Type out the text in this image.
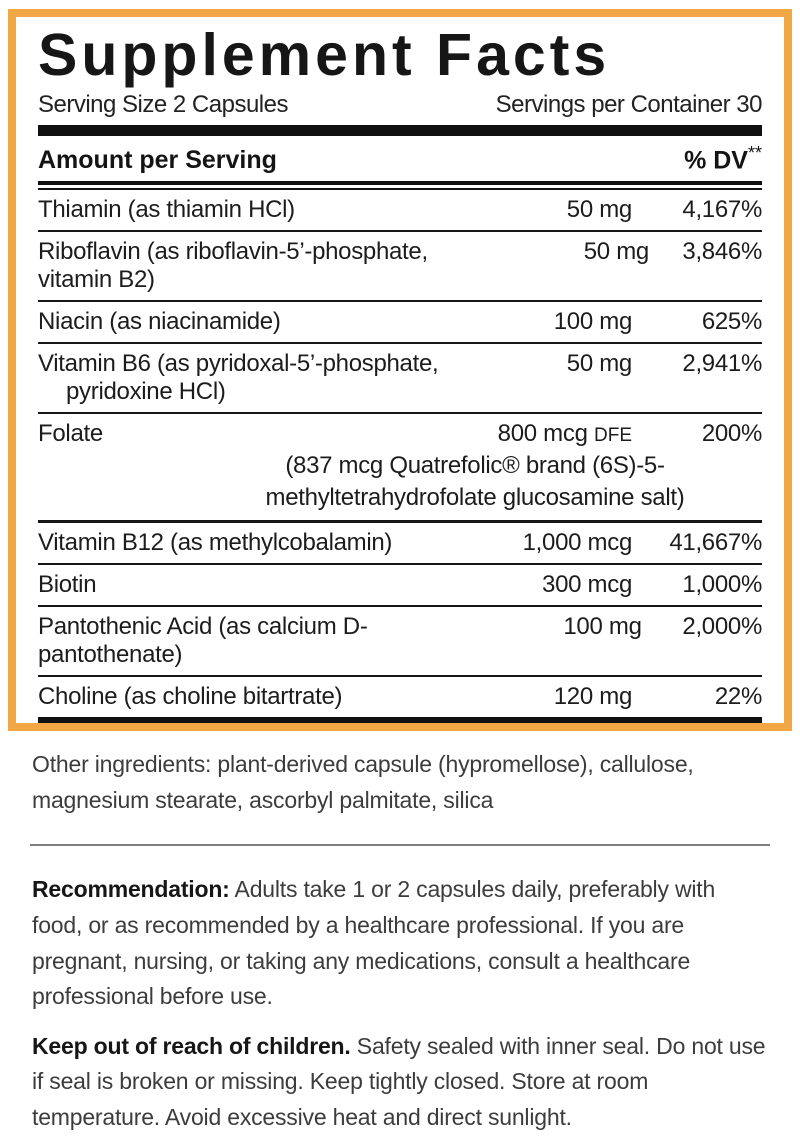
Supplement Facts
Serving Size 2 Capsules	Servings per Container 30
Amount per Serving	% DV**
Thiamin (as thiamin HCl)	50 mg	4,167%
Riboflavin (as riboflavin-5’-phosphate, vitamin B2)
50 mg	3,846%
Niacin (as niacinamide)	100 mg	625%
Vitamin B6 (as pyridoxal-5’-phosphate,
pyridoxine HCl)
50 mg	2,941%
Folate	800 mcg DFE	200%
(837 mcg Quatrefolic® brand (6S)-5-
methyltetrahydrofolate glucosamine salt)
Vitamin B12 (as methylcobalamin)	1,000 mcg	41,667%
Biotin	300 mcg	1,000%
Pantothenic Acid (as calcium D-pantothenate)
100 mg	2,000%
Choline (as choline bitartrate)	120 mg	22%

Other ingredients: plant-derived capsule (hypromellose), callulose, magnesium stearate, ascorbyl palmitate, silica

Recommendation: Adults take 1 or 2 capsules daily, preferably with food, or as recommended by a healthcare professional. If you are pregnant, nursing, or taking any medications, consult a healthcare professional before use.

Keep out of reach of children. Safety sealed with inner seal. Do not use if seal is broken or missing. Keep tightly closed. Store at room temperature. Avoid excessive heat and direct sunlight.
